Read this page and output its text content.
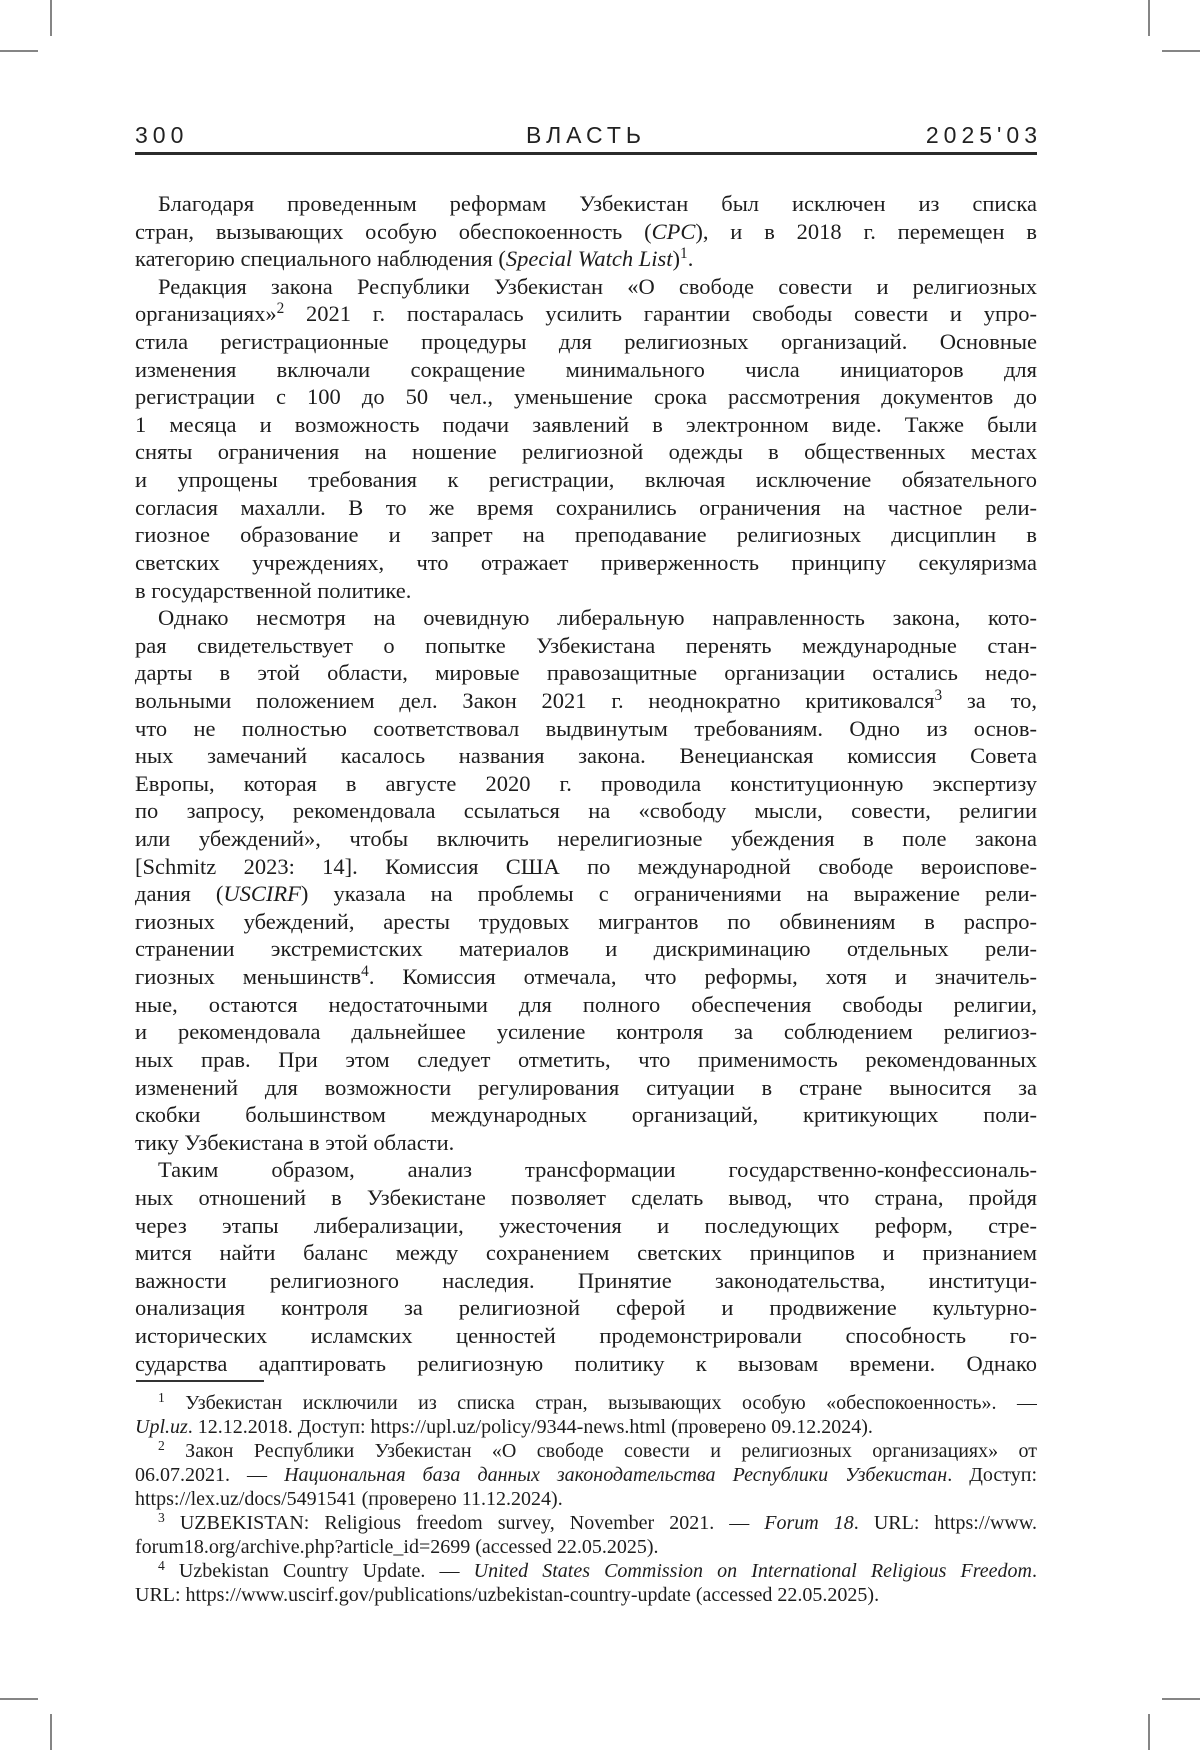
300	ВЛАСТЬ	2025'03
Благодаря проведенным реформам Узбекистан был исключен из списка
стран, вызывающих особую обеспокоенность (CPC), и в 2018 г. перемещен в
категорию специального наблюдения (Special Watch List)$^1$.
Редакция закона Республики Узбекистан «О свободе совести и религиозных
организациях»$^2$ 2021 г. постаралась усилить гарантии свободы совести и упро-
стила регистрационные процедуры для религиозных организаций. Основные
изменения включали сокращение минимального числа инициаторов для
регистрации с 100 до 50 чел., уменьшение срока рассмотрения документов до
1 месяца и возможность подачи заявлений в электронном виде. Также были
сняты ограничения на ношение религиозной одежды в общественных местах
и упрощены требования к регистрации, включая исключение обязательного
согласия махалли. В то же время сохранились ограничения на частное рели-
гиозное образование и запрет на преподавание религиозных дисциплин в
светских учреждениях, что отражает приверженность принципу секуляризма
в государственной политике.
Однако несмотря на очевидную либеральную направленность закона, кото-
рая свидетельствует о попытке Узбекистана перенять международные стан-
дарты в этой области, мировые правозащитные организации остались недо-
вольными положением дел. Закон 2021 г. неоднократно критиковался$^3$ за то,
что не полностью соответствовал выдвинутым требованиям. Одно из основ-
ных замечаний касалось названия закона. Венецианская комиссия Совета
Европы, которая в августе 2020 г. проводила конституционную экспертизу
по запросу, рекомендовала ссылаться на «свободу мысли, совести, религии
или убеждений», чтобы включить нерелигиозные убеждения в поле закона
[Schmitz 2023: 14]. Комиссия США по международной свободе вероиспове-
дания (USCIRF) указала на проблемы с ограничениями на выражение рели-
гиозных убеждений, аресты трудовых мигрантов по обвинениям в распро-
странении экстремистских материалов и дискриминацию отдельных рели-
гиозных меньшинств$^4$. Комиссия отмечала, что реформы, хотя и значитель-
ные, остаются недостаточными для полного обеспечения свободы религии,
и рекомендовала дальнейшее усиление контроля за соблюдением религиоз-
ных прав. При этом следует отметить, что применимость рекомендованных
изменений для возможности регулирования ситуации в стране выносится за
скобки большинством международных организаций, критикующих поли-
тику Узбекистана в этой области.
Таким образом, анализ трансформации государственно-конфессиональ-
ных отношений в Узбекистане позволяет сделать вывод, что страна, пройдя
через этапы либерализации, ужесточения и последующих реформ, стре-
мится найти баланс между сохранением светских принципов и признанием
важности религиозного наследия. Принятие законодательства, институци-
онализация контроля за религиозной сферой и продвижение культурно-
исторических исламских ценностей продемонстрировали способность го-
сударства адаптировать религиозную политику к вызовам времени. Однако
$^1$ Узбекистан исключили из списка стран, вызывающих особую «обеспокоенность». —
Upl.uz. 12.12.2018. Доступ: https://upl.uz/policy/9344-news.html (проверено 09.12.2024).
$^2$ Закон Республики Узбекистан «О свободе совести и религиозных организациях» от
06.07.2021. — Национальная база данных законодательства Республики Узбекистан. Доступ:
https://lex.uz/docs/5491541 (проверено 11.12.2024).
$^3$ UZBEKISTAN: Religious freedom survey, November 2021. — Forum 18. URL: https://www.
forum18.org/archive.php?article_id=2699 (accessed 22.05.2025).
$^4$ Uzbekistan Country Update. — United States Commission on International Religious Freedom.
URL: https://www.uscirf.gov/publications/uzbekistan-country-update (accessed 22.05.2025).
